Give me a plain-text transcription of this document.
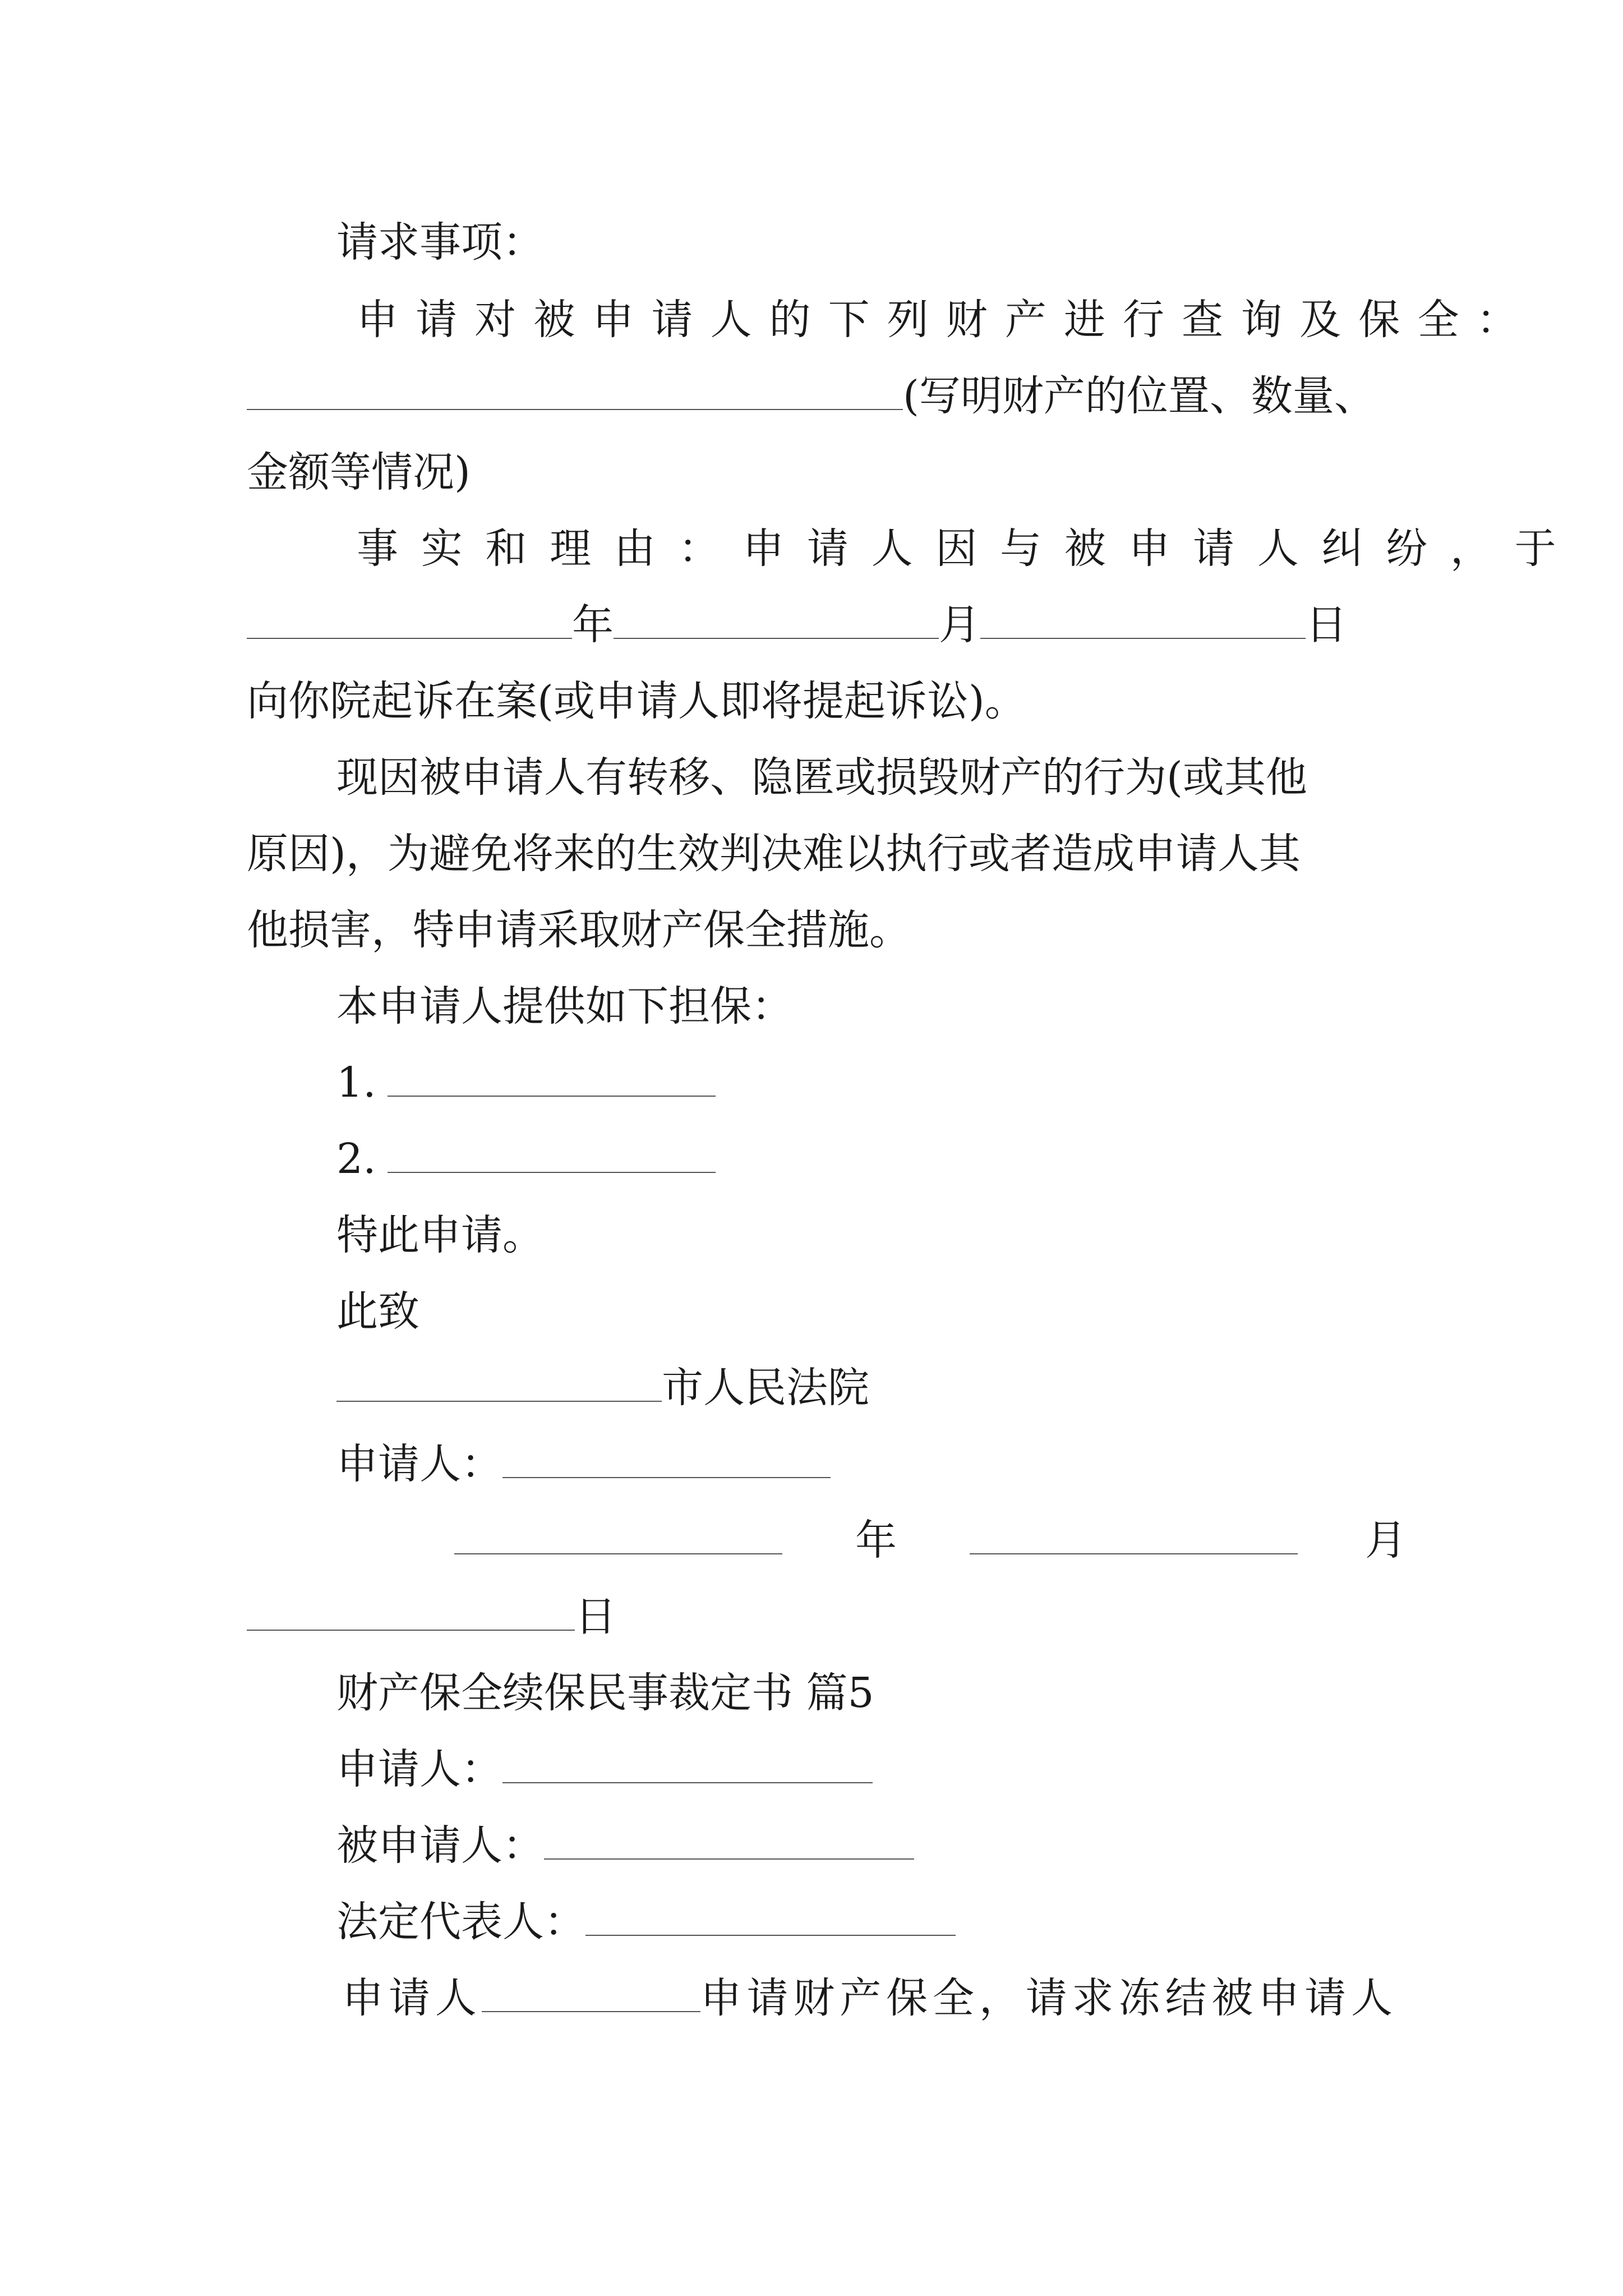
请求事项：
申请对被申请人的下列财产进行查询及保全：
(写明财产的位置、数量、
金额等情况)
事实和理由：申请人因与被申请人纠纷，于
年	月	日
向你院起诉在案(或申请人即将提起诉讼)。
现因被申请人有转移、隐匿或损毁财产的行为(或其他
原因)，为避免将来的生效判决难以执行或者造成申请人其
他损害，特申请采取财产保全措施。
本申请人提供如下担保：
1.
2.
特此申请。
此致
市人民法院
申请人：
年	月
日
财产保全续保民事裁定书 篇5
申请人：
被申请人：
法定代表人：
申请人	申请财产保全，请求冻结被申请人
